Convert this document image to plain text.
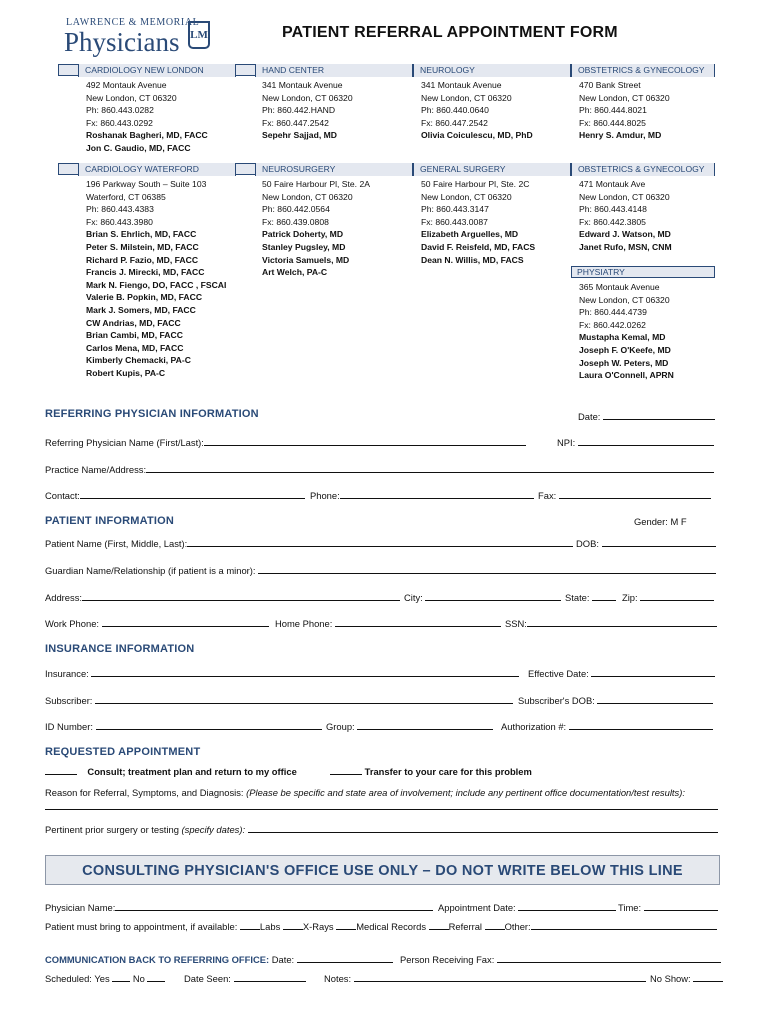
LAWRENCE & MEMORIAL
Physicians LM	PATIENT REFERRAL APPOINTMENT FORM
CARDIOLOGY NEW LONDON	HAND CENTER	NEUROLOGY	OBSTETRICS & GYNECOLOGY
492 Montauk Avenue
New London, CT 06320
Ph: 860.443.0282
Fx: 860.443.0292
Roshanak Bagheri, MD, FACC
Jon C. Gaudio, MD, FACC
341 Montauk Avenue
New London, CT 06320
Ph: 860.442.HAND
Fx: 860.447.2542
Sepehr Sajjad, MD
341 Montauk Avenue
New London, CT 06320
Ph: 860.440.0640
Fx: 860.447.2542
Olivia Coiculescu, MD, PhD
470 Bank Street
New London, CT 06320
Ph: 860.444.8021
Fx: 860.444.8025
Henry S. Amdur, MD
CARDIOLOGY WATERFORD	NEUROSURGERY	GENERAL SURGERY	OBSTETRICS & GYNECOLOGY
196 Parkway South – Suite 103
Waterford, CT 06385
Ph: 860.443.4383
Fx: 860.443.3980
Brian S. Ehrlich, MD, FACC
Peter S. Milstein, MD, FACC
Richard P. Fazio, MD, FACC
Francis J. Mirecki, MD, FACC
Mark N. Fiengo, DO, FACC , FSCAI
Valerie B. Popkin, MD, FACC
Mark J. Somers, MD, FACC
CW Andrias, MD, FACC
Brian Cambi, MD, FACC
Carlos Mena, MD, FACC
Kimberly Chemacki, PA-C
Robert Kupis, PA-C
50 Faire Harbour Pl, Ste. 2A
New London, CT 06320
Ph: 860.442.0564
Fx: 860.439.0808
Patrick Doherty, MD
Stanley Pugsley, MD
Victoria Samuels, MD
Art Welch, PA-C
50 Faire Harbour Pl, Ste. 2C
New London, CT 06320
Ph: 860.443.3147
Fx: 860.443.0087
Elizabeth Arguelles, MD
David F. Reisfeld, MD, FACS
Dean N. Willis, MD, FACS
471 Montauk Ave
New London, CT 06320
Ph: 860.443.4148
Fx: 860.442.3805
Edward J. Watson, MD
Janet Rufo, MSN, CNM
PHYSIATRY
365 Montauk Avenue
New London, CT 06320
Ph: 860.444.4739
Fx: 860.442.0262
Mustapha Kemal, MD
Joseph F. O'Keefe, MD
Joseph W. Peters, MD
Laura O'Connell, APRN
REFERRING PHYSICIAN INFORMATION	Date:
Referring Physician Name (First/Last):	NPI:
Practice Name/Address:
Contact:	Phone:	Fax:
PATIENT INFORMATION	Gender: M F
Patient Name (First, Middle, Last):	DOB:
Guardian Name/Relationship (if patient is a minor):
Address:	City:	State:	Zip:
Work Phone:	Home Phone:	SSN:
INSURANCE INFORMATION
Insurance:	Effective Date:
Subscriber:	Subscriber's DOB:
ID Number:	Group:	Authorization #:
REQUESTED APPOINTMENT
Consult; treatment plan and return to my office	Transfer to your care for this problem
Reason for Referral, Symptoms, and Diagnosis: (Please be specific and state area of involvement; include any pertinent office documentation/test results):
Pertinent prior surgery or testing (specify dates):
CONSULTING PHYSICIAN'S OFFICE USE ONLY – DO NOT WRITE BELOW THIS LINE
Physician Name:	Appointment Date:	Time:
Patient must bring to appointment, if available: Labs X-Rays Medical Records Referral Other:
COMMUNICATION BACK TO REFERRING OFFICE: Date:	Person Receiving Fax:
Scheduled: Yes No	Date Seen:	Notes:	No Show:
